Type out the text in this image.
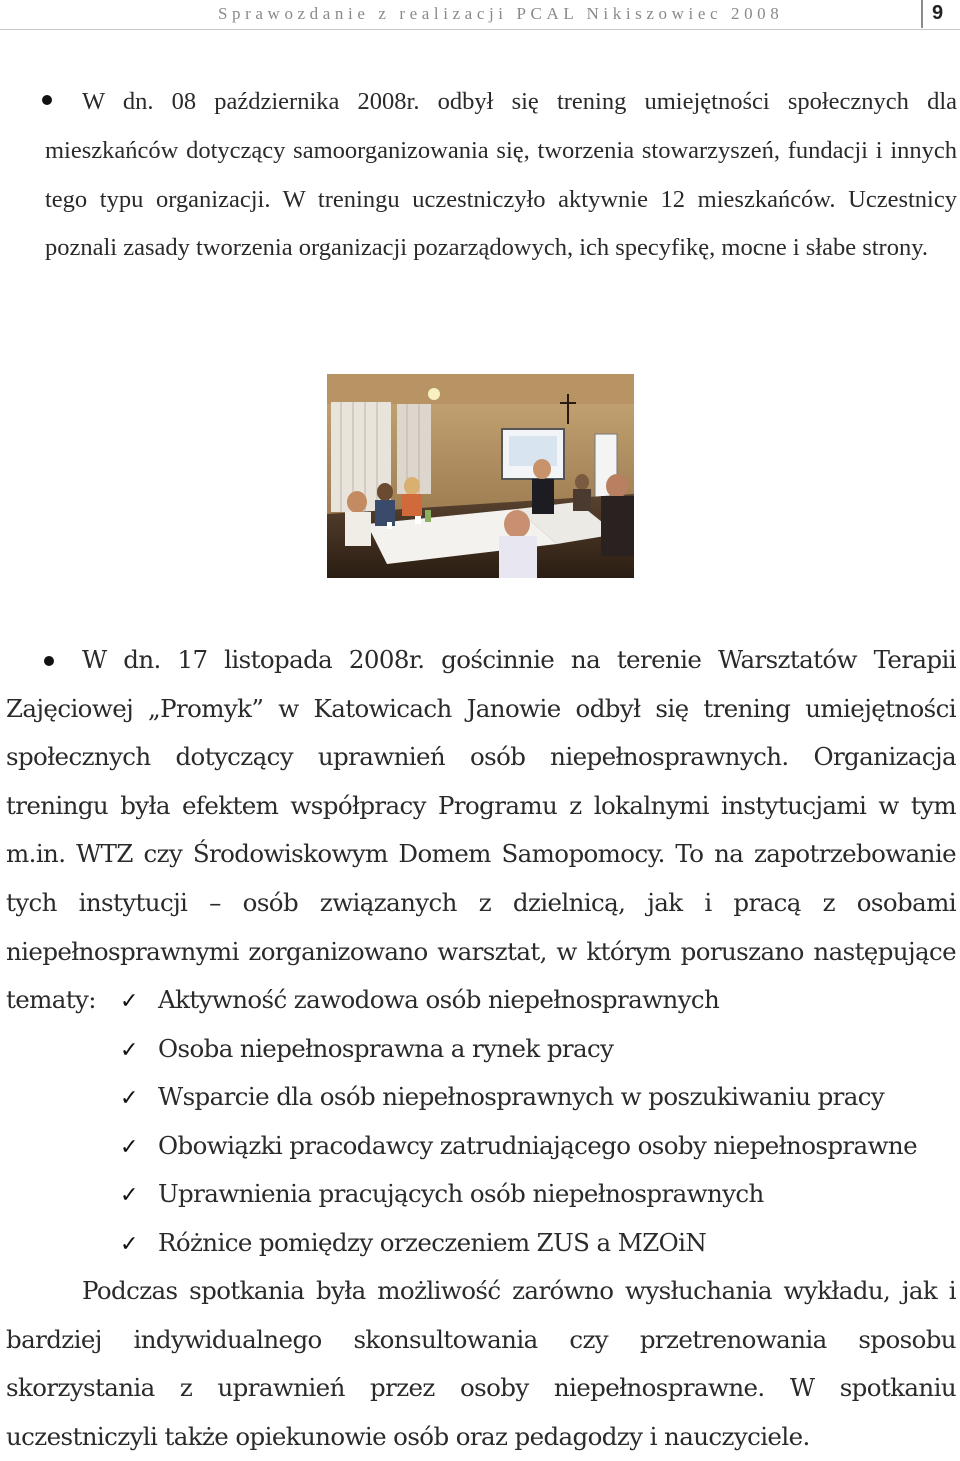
Sprawozdanie z realizacji PCAL Nikiszowiec 2008	9
W dn. 08 października 2008r. odbył się trening umiejętności społecznych dla mieszkańców dotyczący samoorganizowania się, tworzenia stowarzyszeń, fundacji i innych tego typu organizacji. W treningu uczestniczyło aktywnie 12 mieszkańców. Uczestnicy poznali zasady tworzenia organizacji pozarządowych, ich specyfikę, mocne i słabe strony.
W dn. 17 listopada 2008r. gościnnie na terenie Warsztatów Terapii Zajęciowej „Promyk” w Katowicach Janowie odbył się trening umiejętności społecznych dotyczący uprawnień osób niepełnosprawnych. Organizacja treningu była efektem współpracy Programu z lokalnymi instytucjami w tym m.in. WTZ czy Środowiskowym Domem Samopomocy. To na zapotrzebowanie tych instytucji – osób związanych z dzielnicą, jak i pracą z osobami niepełnosprawnymi zorganizowano warsztat, w którym poruszano następujące tematy:	✓ Aktywność zawodowa osób niepełnosprawnych
✓ Osoba niepełnosprawna a rynek pracy
✓ Wsparcie dla osób niepełnosprawnych w poszukiwaniu pracy
✓ Obowiązki pracodawcy zatrudniającego osoby niepełnosprawne
✓ Uprawnienia pracujących osób niepełnosprawnych
✓ Różnice pomiędzy orzeczeniem ZUS a MZOiN
Podczas spotkania była możliwość zarówno wysłuchania wykładu, jak i bardziej indywidualnego skonsultowania czy przetrenowania sposobu skorzystania z uprawnień przez osoby niepełnosprawne. W spotkaniu uczestniczyli także opiekunowie osób oraz pedagodzy i nauczyciele.
